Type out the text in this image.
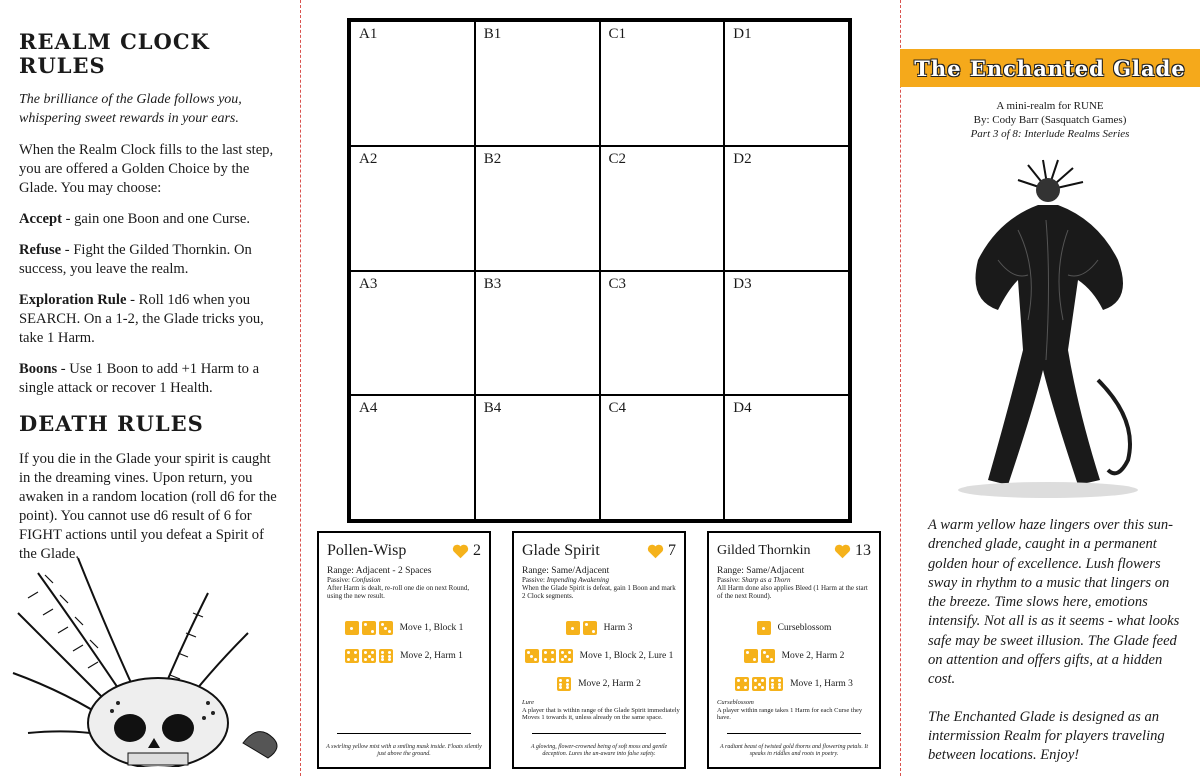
REALM CLOCK RULES
The brilliance of the Glade follows you, whispering sweet rewards in your ears.

When the Realm Clock fills to the last step, you are offered a Golden Choice by the Glade. You may choose:

Accept - gain one Boon and one Curse.

Refuse - Fight the Gilded Thornkin. On success, you leave the realm.

Exploration Rule - Roll 1d6 when you SEARCH. On a 1-2, the Glade tricks you, take 1 Harm.

Boons - Use 1 Boon to add +1 Harm to a single attack or recover 1 Health.

DEATH RULES

If you die in the Glade your spirit is caught in the dreaming vines. Upon return, you awaken in a random location (roll d6 for the point). You cannot use d6 result of 6 for FIGHT actions until you defeat a Spirit of the Glade.

A1	B1	C1	D1
A2	B2	C2	D2
A3	B3	C3	D3
A4	B4	C4	D4
Pollen-Wisp	2
Range: Adjacent - 2 Spaces
Passive: Confusion
After Harm is dealt, re-roll one die on next Round, using the new result.
Move 1, Block 1
Move 2, Harm 1
A swirling yellow mist with a smiling mask inside. Floats silently just above the ground.
Glade Spirit	7
Range: Same/Adjacent
Passive: Impending Awakening
When the Glade Spirit is defeat, gain 1 Boon and mark 2 Clock segments.
Harm 3
Move 1, Block 2, Lure 1
Move 2, Harm 2
Lure
A player that is within range of the Glade Spirit immediately Moves 1 towards it, unless already on the same space.
A glowing, flower-crowned being of soft moss and gentle deception. Lures the un-aware into false safety.
Gilded Thornkin	13
Range: Same/Adjacent
Passive: Sharp as a Thorn
All Harm done also applies Bleed (1 Harm at the start of the next Round).
Curseblossom
Move 2, Harm 2
Move 1, Harm 3
Curseblossom
A player within range takes 1 Harm for each Curse they have.
A radiant beast of twisted gold thorns and flowering petals. It speaks in riddles and roots in poetry.
The Enchanted Glade
A mini-realm for RUNE
By: Cody Barr (Sasquatch Games)
Part 3 of 8: Interlude Realms Series

A warm yellow haze lingers over this sun-drenched glade, caught in a permanent golden hour of excellence. Lush flowers sway in rhythm to a music that lingers on the breeze. Time slows here, emotions intensify. Not all is as it seems - what looks safe may be sweet illusion. The Glade feed on attention and offers gifts, at a hidden cost.

The Enchanted Glade is designed as an intermission Realm for players traveling between locations. Enjoy!
